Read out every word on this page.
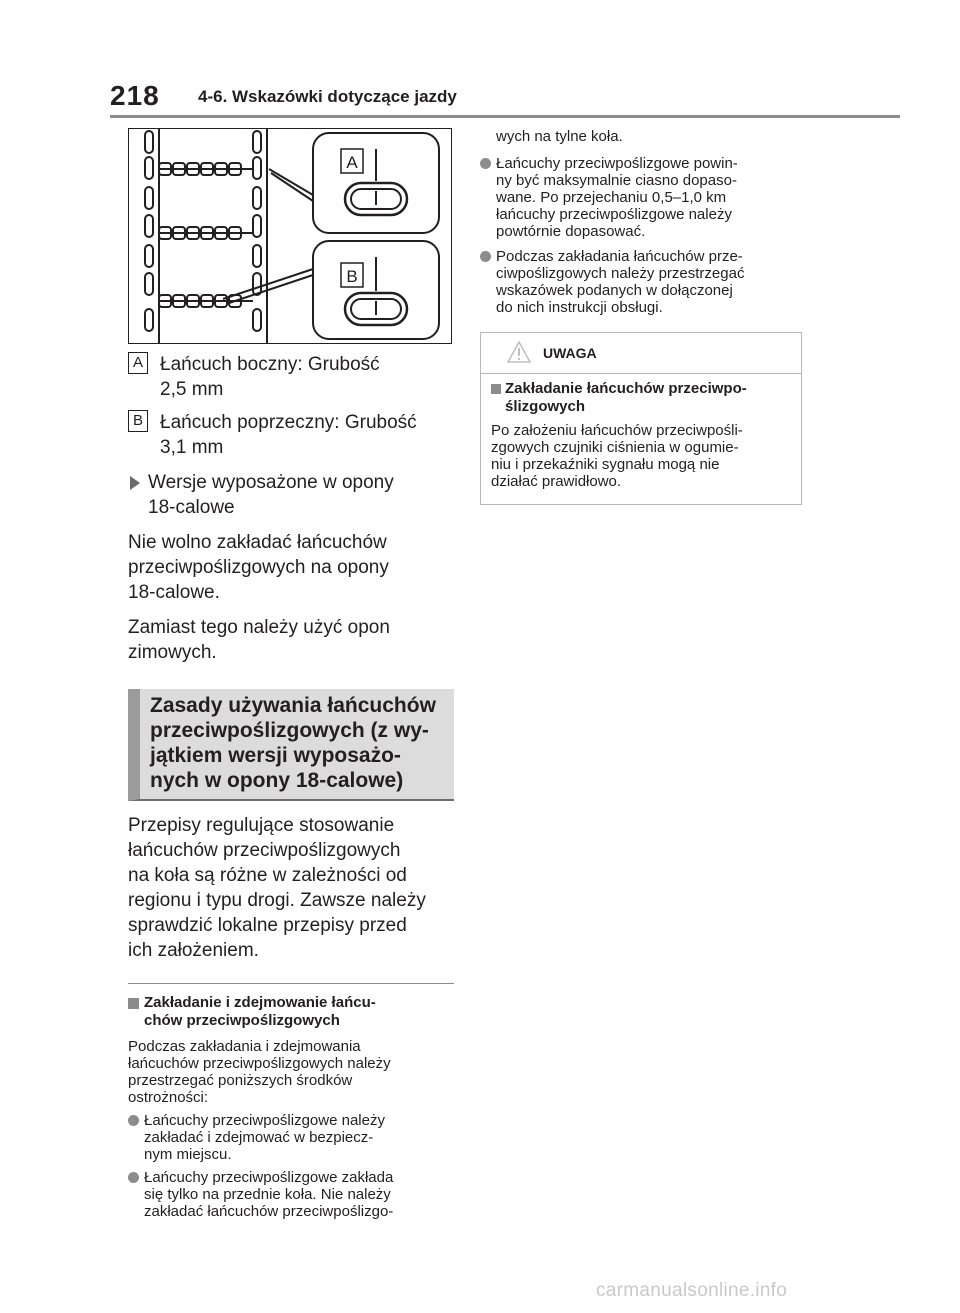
218 4-6. Wskazówki dotyczące jazdy
A
B
A Łańcuch boczny: Grubość
2,5 mm
B Łańcuch poprzeczny: Grubość
3,1 mm
Wersje wyposażone w opony
18-calowe
Nie wolno zakładać łańcuchów
przeciwpoślizgowych na opony
18-calowe.
Zamiast tego należy użyć opon
zimowych.
Zasady używania łańcuchów
przeciwpoślizgowych (z wy-
jątkiem wersji wyposażo-
nych w opony 18-calowe)
Przepisy regulujące stosowanie
łańcuchów przeciwpoślizgowych
na koła są różne w zależności od
regionu i typu drogi. Zawsze należy
sprawdzić lokalne przepisy przed
ich założeniem.
Zakładanie i zdejmowanie łańcu-
chów przeciwpoślizgowych
Podczas zakładania i zdejmowania
łańcuchów przeciwpoślizgowych należy
przestrzegać poniższych środków
ostrożności:
Łańcuchy przeciwpoślizgowe należy
zakładać i zdejmować w bezpiecz-
nym miejscu.
Łańcuchy przeciwpoślizgowe zakłada
się tylko na przednie koła. Nie należy
zakładać łańcuchów przeciwpoślizgo-
wych na tylne koła.
Łańcuchy przeciwpoślizgowe powin-
ny być maksymalnie ciasno dopaso-
wane. Po przejechaniu 0,5–1,0 km
łańcuchy przeciwpoślizgowe należy
powtórnie dopasować.
Podczas zakładania łańcuchów prze-
ciwpoślizgowych należy przestrzegać
wskazówek podanych w dołączonej
do nich instrukcji obsługi.
UWAGA
Zakładanie łańcuchów przeciwpo-
ślizgowych
Po założeniu łańcuchów przeciwpośli-
zgowych czujniki ciśnienia w ogumie-
niu i przekaźniki sygnału mogą nie
działać prawidłowo.
carmanualsonline.info
